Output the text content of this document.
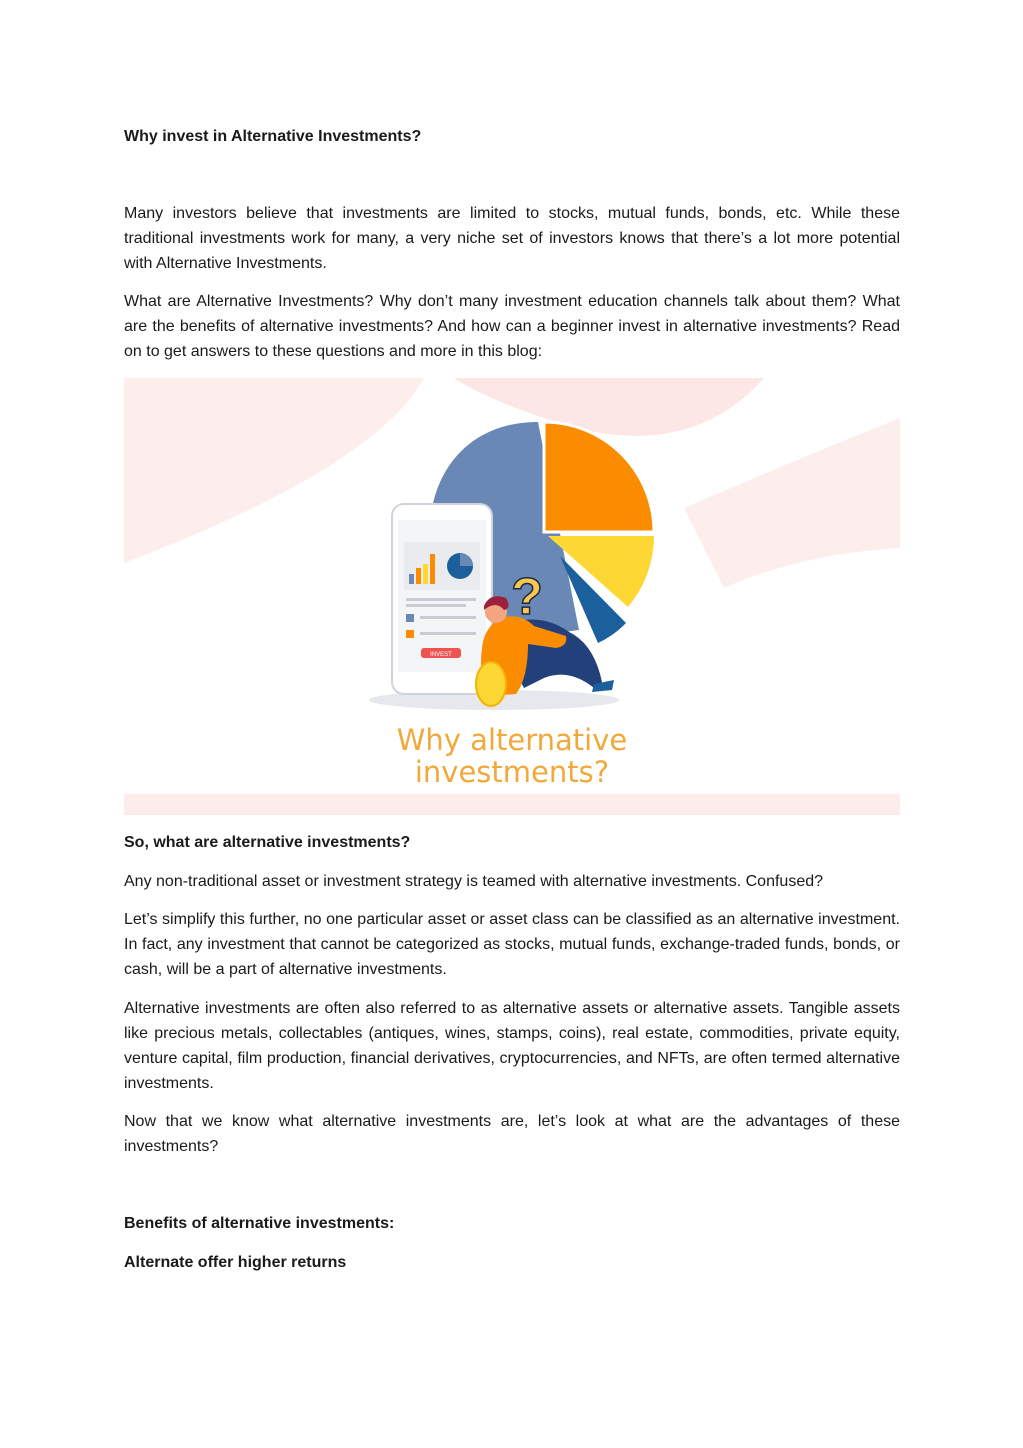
Why invest in Alternative Investments?

Many investors believe that investments are limited to stocks, mutual funds, bonds, etc. While these traditional investments work for many, a very niche set of investors knows that there’s a lot more potential with Alternative Investments.

What are Alternative Investments? Why don’t many investment education channels talk about them? What are the benefits of alternative investments? And how can a beginner invest in alternative investments? Read on to get answers to these questions and more in this blog:

INVEST
?
Why alternative
investments?
So, what are alternative investments?

Any non-traditional asset or investment strategy is teamed with alternative investments. Confused?

Let’s simplify this further, no one particular asset or asset class can be classified as an alternative investment. In fact, any investment that cannot be categorized as stocks, mutual funds, exchange-traded funds, bonds, or cash, will be a part of alternative investments.

Alternative investments are often also referred to as alternative assets or alternative assets. Tangible assets like precious metals, collectables (antiques, wines, stamps, coins), real estate, commodities, private equity, venture capital, film production, financial derivatives, cryptocurrencies, and NFTs, are often termed alternative investments.

Now that we know what alternative investments are, let’s look at what are the advantages of these investments?

Benefits of alternative investments:
Alternate offer higher returns
